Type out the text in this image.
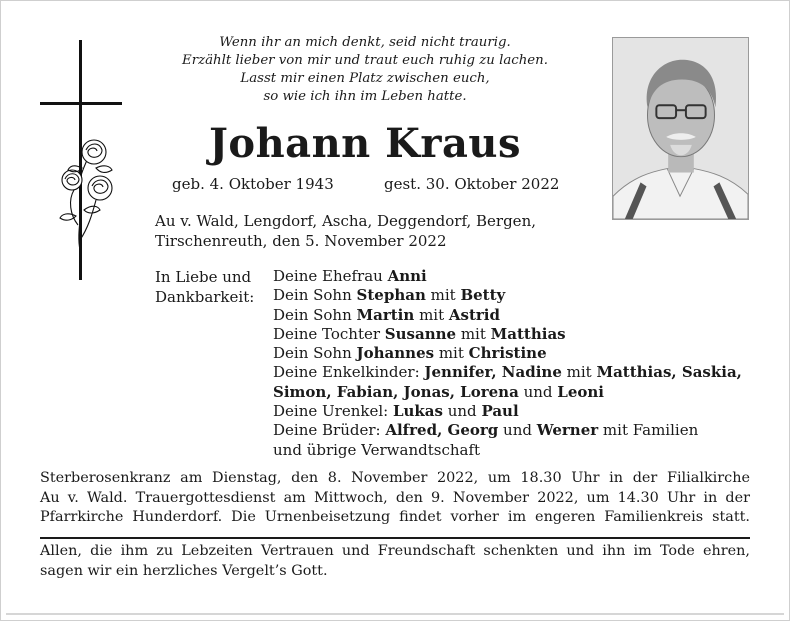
Wenn ihr an mich denkt, seid nicht traurig.
Erzählt lieber von mir und traut euch ruhig zu lachen.
Lasst mir einen Platz zwischen euch,
so wie ich ihn im Leben hatte.
Johann Kraus
geb. 4. Oktober 1943	gest. 30. Oktober 2022
Au v. Wald, Lengdorf, Ascha, Deggendorf, Bergen,
Tirschenreuth, den 5. November 2022
In Liebe und
Dankbarkeit:
Deine Ehefrau Anni
Dein Sohn Stephan mit Betty
Dein Sohn Martin mit Astrid
Deine Tochter Susanne mit Matthias
Dein Sohn Johannes mit Christine
Deine Enkelkinder: Jennifer, Nadine mit Matthias, Saskia,
Simon, Fabian, Jonas, Lorena und Leoni
Deine Urenkel: Lukas und Paul
Deine Brüder: Alfred, Georg und Werner mit Familien
und übrige Verwandtschaft
Sterberosenkranz am Dienstag, den 8. November 2022, um 18.30 Uhr in der Filialkirche
Au v. Wald. Trauergottesdienst am Mittwoch, den 9. November 2022, um 14.30 Uhr in der
Pfarrkirche Hunderdorf. Die Urnenbeisetzung findet vorher im engeren Familienkreis statt.
Allen, die ihm zu Lebzeiten Vertrauen und Freundschaft schenkten und ihn im Tode ehren,
sagen wir ein herzliches Vergelt’s Gott.
